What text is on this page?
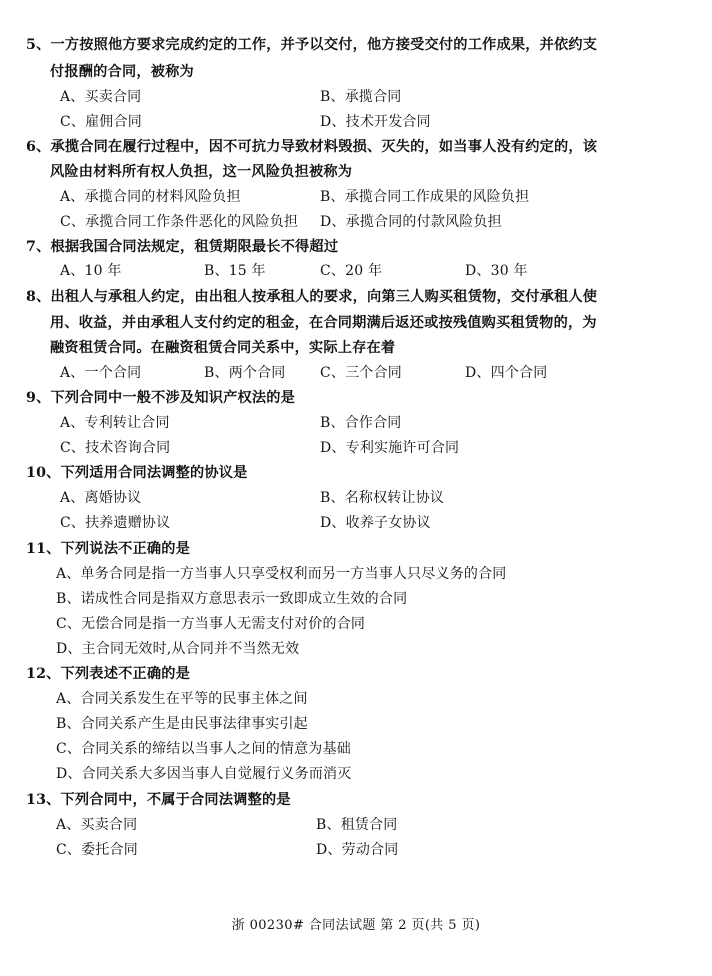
5、一方按照他方要求完成约定的工作，并予以交付，他方接受交付的工作成果，并依约支
付报酬的合同，被称为
A、买卖合同	B、承揽合同
C、雇佣合同	D、技术开发合同
6、承揽合同在履行过程中，因不可抗力导致材料毁损、灭失的，如当事人没有约定的，该
风险由材料所有权人负担，这一风险负担被称为
A、承揽合同的材料风险负担	B、承揽合同工作成果的风险负担
C、承揽合同工作条件恶化的风险负担 D、承揽合同的付款风险负担
7、根据我国合同法规定，租赁期限最长不得超过
A、10 年	B、15 年	C、20 年	D、30 年
8、出租人与承租人约定，由出租人按承租人的要求，向第三人购买租赁物，交付承租人使
用、收益，并由承租人支付约定的租金，在合同期满后返还或按残值购买租赁物的，为
融资租赁合同。在融资租赁合同关系中，实际上存在着
A、一个合同	B、两个合同 C、三个合同	D、四个合同
9、下列合同中一般不涉及知识产权法的是
A、专利转让合同	B、合作合同
C、技术咨询合同	D、专利实施许可合同
10、下列适用合同法调整的协议是
A、离婚协议	B、名称权转让协议
C、扶养遗赠协议	D、收养子女协议
11、下列说法不正确的是
A、单务合同是指一方当事人只享受权利而另一方当事人只尽义务的合同
B、诺成性合同是指双方意思表示一致即成立生效的合同
C、无偿合同是指一方当事人无需支付对价的合同
D、主合同无效时,从合同并不当然无效
12、下列表述不正确的是
A、合同关系发生在平等的民事主体之间
B、合同关系产生是由民事法律事实引起
C、合同关系的缔结以当事人之间的情意为基础
D、合同关系大多因当事人自觉履行义务而消灭
13、下列合同中，不属于合同法调整的是
A、买卖合同	B、租赁合同
C、委托合同	D、劳动合同
浙 00230# 合同法试题 第 2 页(共 5 页)
